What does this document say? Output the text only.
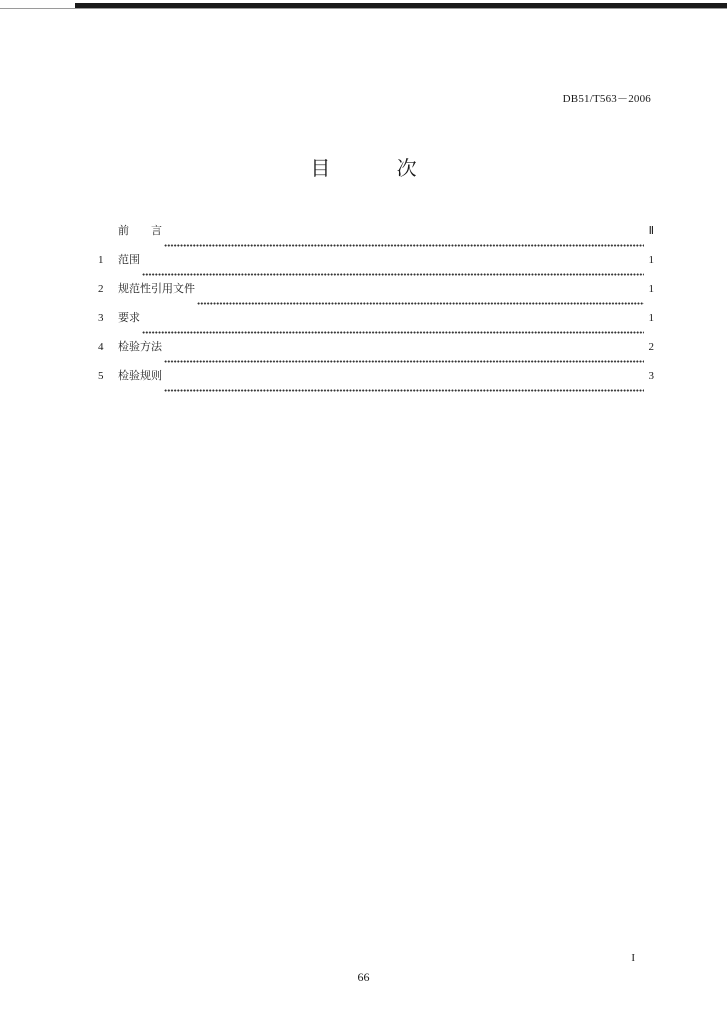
DB51/T563－2006
目 次
前言	Ⅱ
1	范围	1
2	规范性引用文件	1
3	要求	1
4	检验方法	2
5	检验规则	3
I
66
